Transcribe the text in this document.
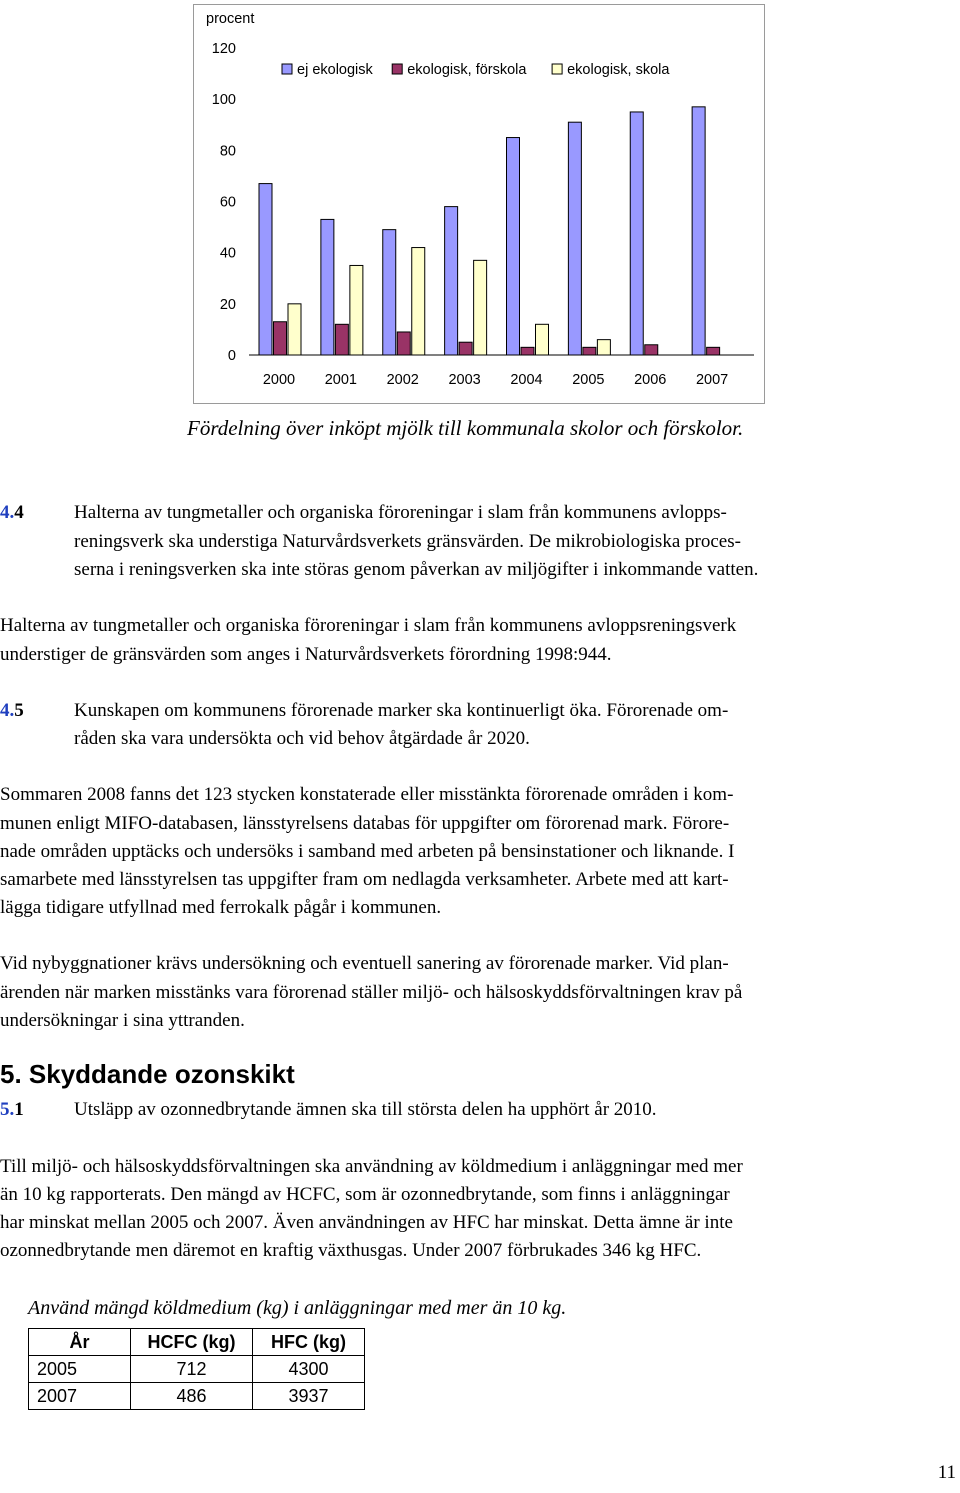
procent
0
20
40
60
80
100
120
2000 2001 2002 2003 2004 2005 2006 2007
ej ekologisk ekologisk, förskola	ekologisk, skola

Fördelning över inköpt mjölk till kommunala skolor och förskolor.

4.4	Halterna av tungmetaller och organiska föroreningar i slam från kommunens avlopps-

reningsverk ska understiga Naturvårdsverkets gränsvärden. De mikrobiologiska proces-

serna i reningsverken ska inte störas genom påverkan av miljögifter i inkommande vatten.

Halterna av tungmetaller och organiska föroreningar i slam från kommunens avloppsreningsverk

understiger de gränsvärden som anges i Naturvårdsverkets förordning 1998:944.

4.5	Kunskapen om kommunens förorenade marker ska kontinuerligt öka. Förorenade om-

råden ska vara undersökta och vid behov åtgärdade år 2020.

Sommaren 2008 fanns det 123 stycken konstaterade eller misstänkta förorenade områden i kom-

munen enligt MIFO-databasen, länsstyrelsens databas för uppgifter om förorenad mark. Förore-

nade områden upptäcks och undersöks i samband med arbeten på bensinstationer och liknande. I

samarbete med länsstyrelsen tas uppgifter fram om nedlagda verksamheter. Arbete med att kart-

lägga tidigare utfyllnad med ferrokalk pågår i kommunen.

Vid nybyggnationer krävs undersökning och eventuell sanering av förorenade marker. Vid plan-

ärenden när marken misstänks vara förorenad ställer miljö- och hälsoskyddsförvaltningen krav på

undersökningar i sina yttranden.

5. Skyddande ozonskikt

5.1	Utsläpp av ozonnedbrytande ämnen ska till största delen ha upphört år 2010.

Till miljö- och hälsoskyddsförvaltningen ska användning av köldmedium i anläggningar med mer

än 10 kg rapporterats. Den mängd av HCFC, som är ozonnedbrytande, som finns i anläggningar

har minskat mellan 2005 och 2007. Även användningen av HFC har minskat. Detta ämne är inte

ozonnedbrytande men däremot en kraftig växthusgas. Under 2007 förbrukades 346 kg HFC.

Använd mängd köldmedium (kg) i anläggningar med mer än 10 kg.

År	HCFC (kg)	HFC (kg)
2005	712	4300
2007	486	3937

11
